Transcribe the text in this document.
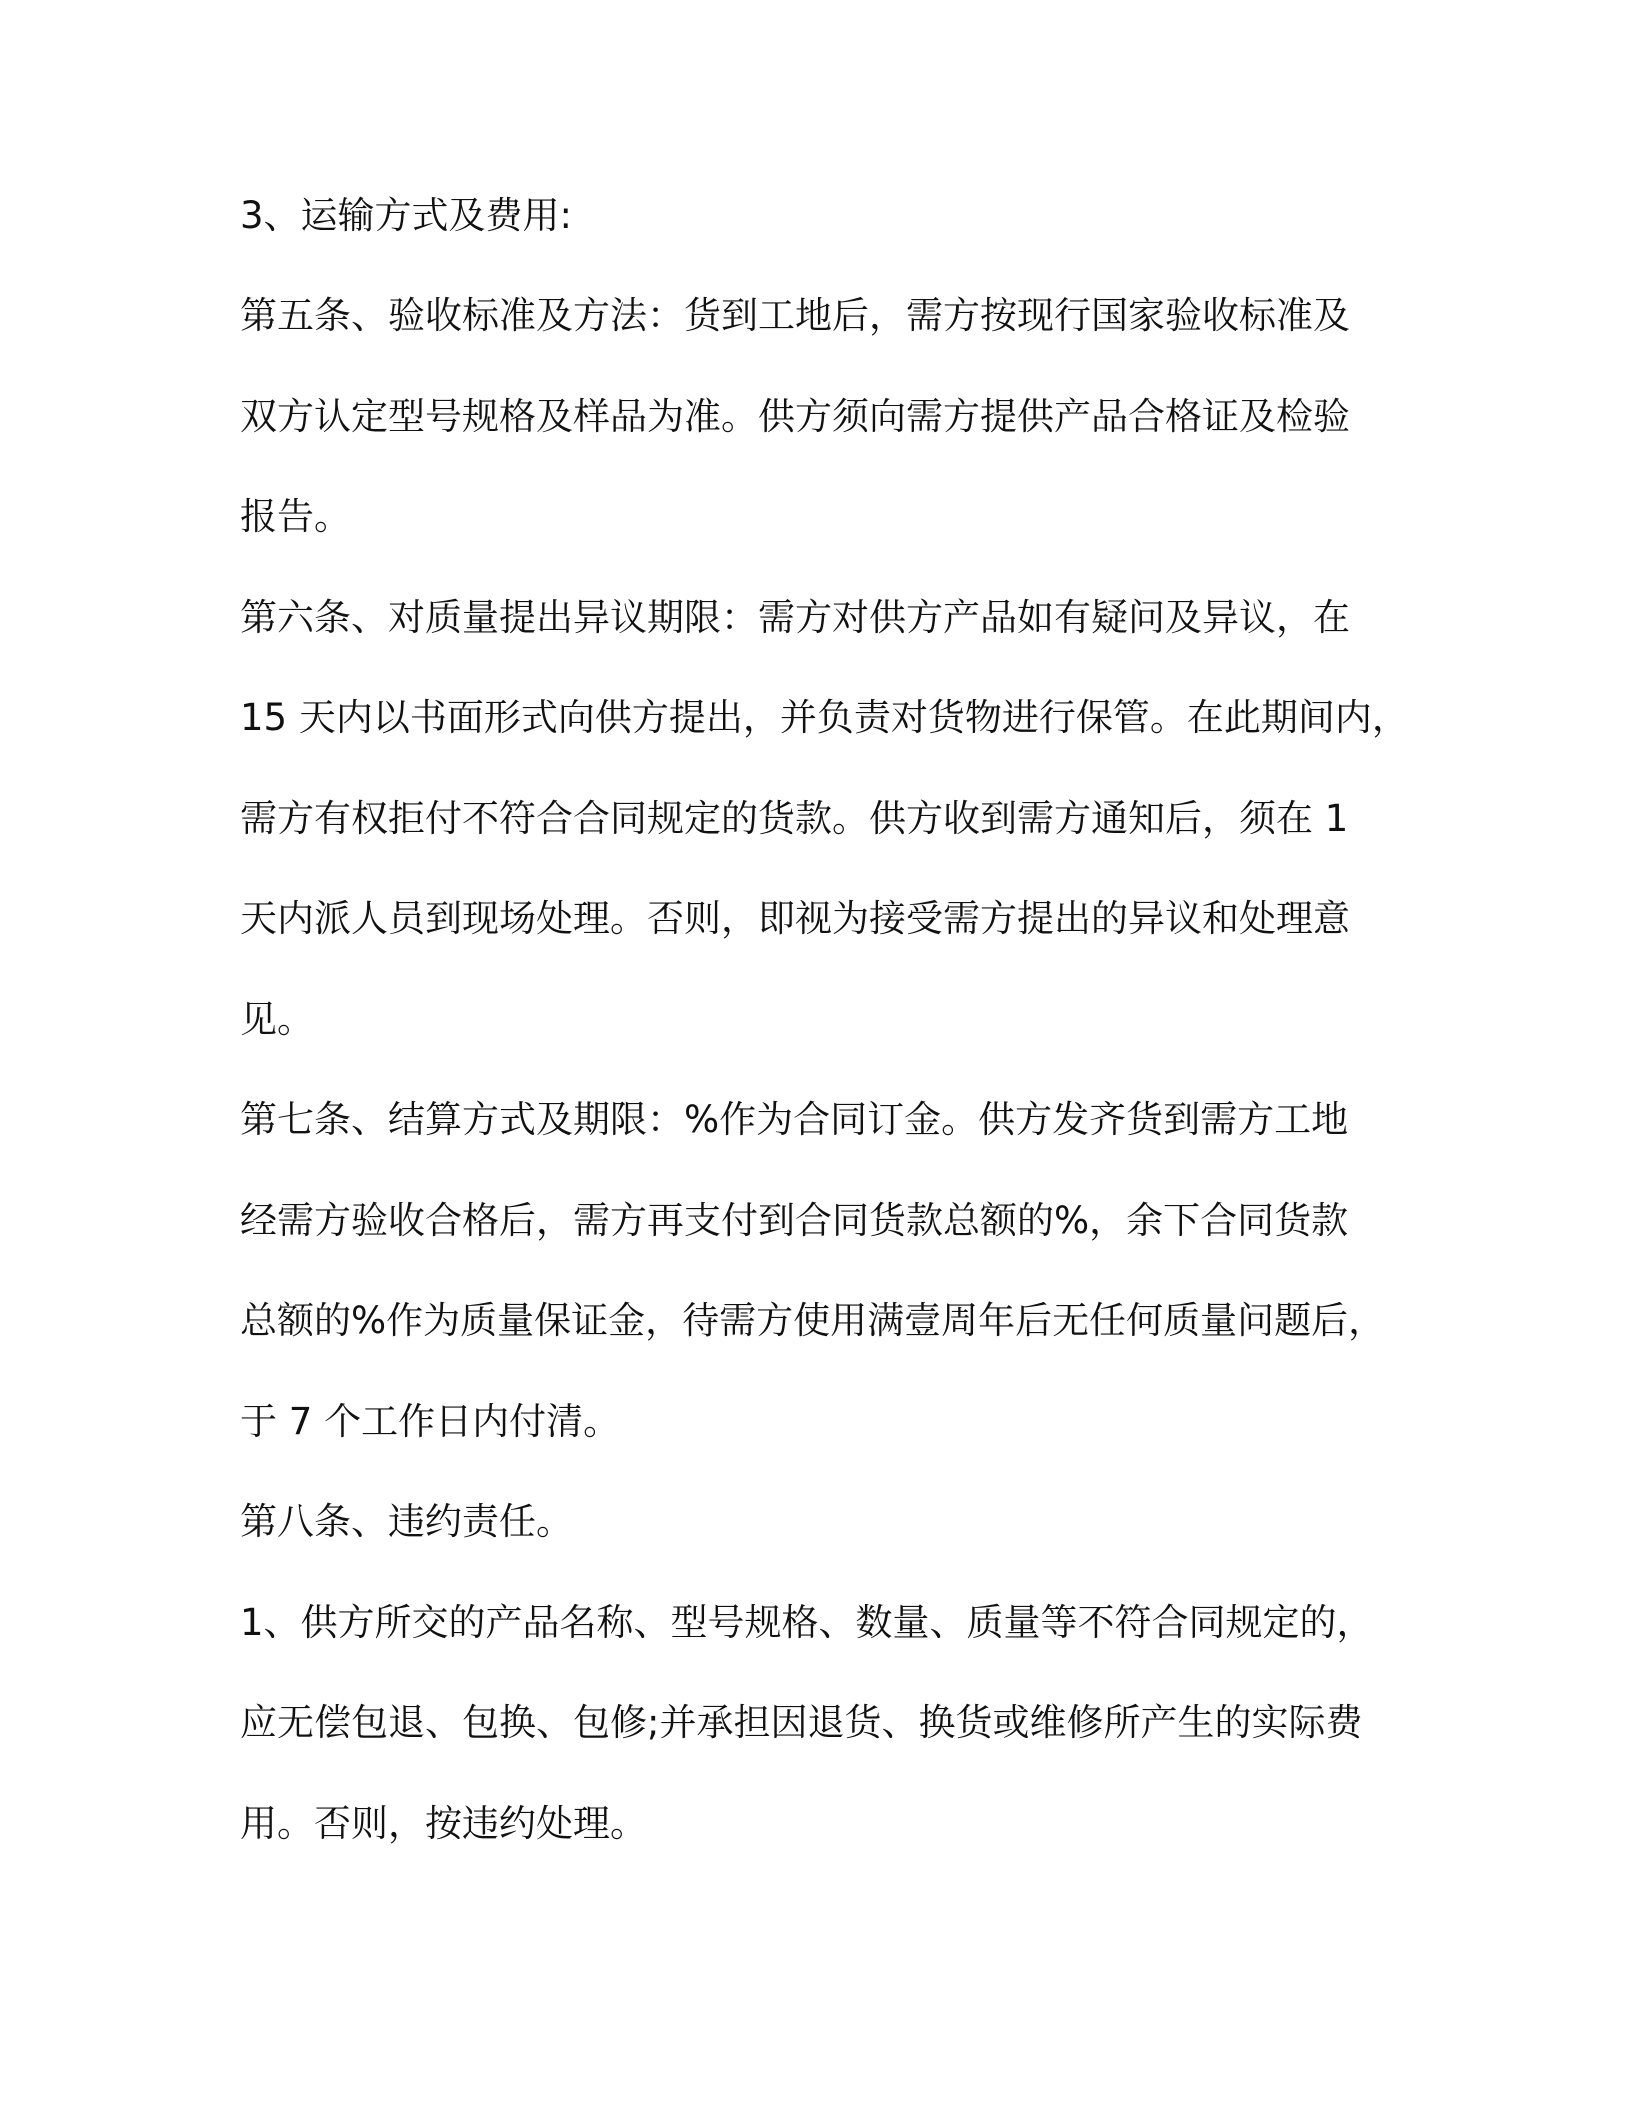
3、运输方式及费用:
第五条、验收标准及方法：货到工地后，需方按现行国家验收标准及
双方认定型号规格及样品为准。供方须向需方提供产品合格证及检验
报告。
第六条、对质量提出异议期限：需方对供方产品如有疑问及异议，在
15 天内以书面形式向供方提出，并负责对货物进行保管。在此期间内，
需方有权拒付不符合合同规定的货款。供方收到需方通知后，须在 1
天内派人员到现场处理。否则，即视为接受需方提出的异议和处理意
见。
第七条、结算方式及期限：%作为合同订金。供方发齐货到需方工地
经需方验收合格后，需方再支付到合同货款总额的%，余下合同货款
总额的%作为质量保证金，待需方使用满壹周年后无任何质量问题后，
于 7 个工作日内付清。
第八条、违约责任。
1、供方所交的产品名称、型号规格、数量、质量等不符合同规定的，
应无偿包退、包换、包修;并承担因退货、换货或维修所产生的实际费
用。否则，按违约处理。
